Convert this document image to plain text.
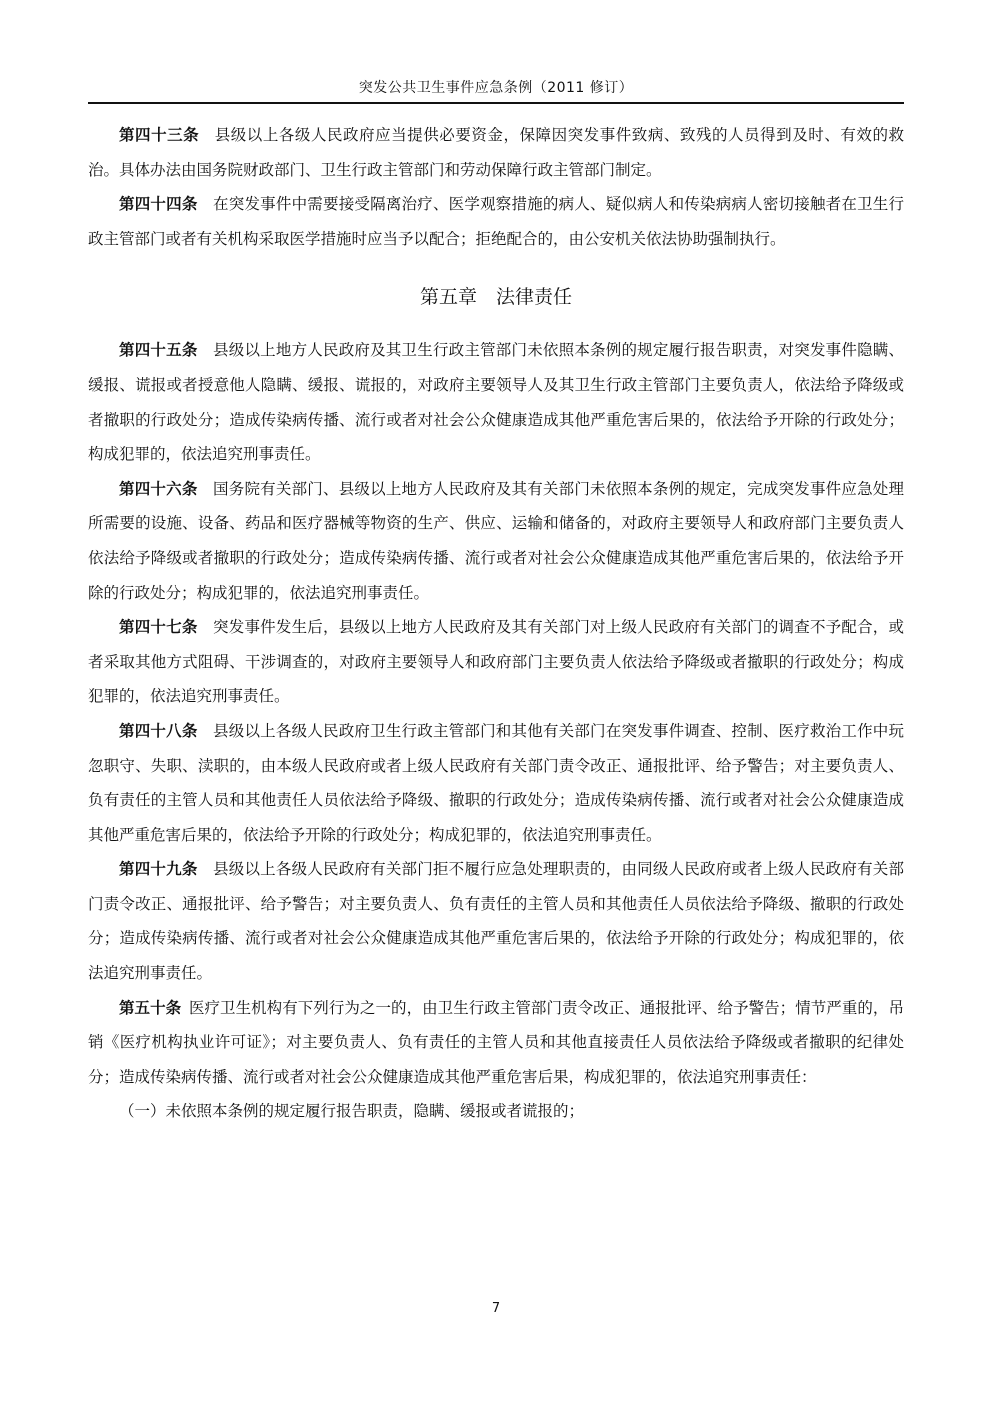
突发公共卫生事件应急条例（2011 修订）

第四十三条 县级以上各级人民政府应当提供必要资金，保障因突发事件致病、致残的人员得到及时、有效的救治。具体办法由国务院财政部门、卫生行政主管部门和劳动保障行政主管部门制定。

第四十四条 在突发事件中需要接受隔离治疗、医学观察措施的病人、疑似病人和传染病病人密切接触者在卫生行政主管部门或者有关机构采取医学措施时应当予以配合；拒绝配合的，由公安机关依法协助强制执行。

第五章 法律责任

第四十五条 县级以上地方人民政府及其卫生行政主管部门未依照本条例的规定履行报告职责，对突发事件隐瞒、缓报、谎报或者授意他人隐瞒、缓报、谎报的，对政府主要领导人及其卫生行政主管部门主要负责人，依法给予降级或者撤职的行政处分；造成传染病传播、流行或者对社会公众健康造成其他严重危害后果的，依法给予开除的行政处分；构成犯罪的，依法追究刑事责任。

第四十六条 国务院有关部门、县级以上地方人民政府及其有关部门未依照本条例的规定，完成突发事件应急处理所需要的设施、设备、药品和医疗器械等物资的生产、供应、运输和储备的，对政府主要领导人和政府部门主要负责人依法给予降级或者撤职的行政处分；造成传染病传播、流行或者对社会公众健康造成其他严重危害后果的，依法给予开除的行政处分；构成犯罪的，依法追究刑事责任。

第四十七条 突发事件发生后，县级以上地方人民政府及其有关部门对上级人民政府有关部门的调查不予配合，或者采取其他方式阻碍、干涉调查的，对政府主要领导人和政府部门主要负责人依法给予降级或者撤职的行政处分；构成犯罪的，依法追究刑事责任。

第四十八条 县级以上各级人民政府卫生行政主管部门和其他有关部门在突发事件调查、控制、医疗救治工作中玩忽职守、失职、渎职的，由本级人民政府或者上级人民政府有关部门责令改正、通报批评、给予警告；对主要负责人、负有责任的主管人员和其他责任人员依法给予降级、撤职的行政处分；造成传染病传播、流行或者对社会公众健康造成其他严重危害后果的，依法给予开除的行政处分；构成犯罪的，依法追究刑事责任。

第四十九条 县级以上各级人民政府有关部门拒不履行应急处理职责的，由同级人民政府或者上级人民政府有关部门责令改正、通报批评、给予警告；对主要负责人、负有责任的主管人员和其他责任人员依法给予降级、撤职的行政处分；造成传染病传播、流行或者对社会公众健康造成其他严重危害后果的，依法给予开除的行政处分；构成犯罪的，依法追究刑事责任。

第五十条 医疗卫生机构有下列行为之一的，由卫生行政主管部门责令改正、通报批评、给予警告；情节严重的，吊销《医疗机构执业许可证》；对主要负责人、负有责任的主管人员和其他直接责任人员依法给予降级或者撤职的纪律处分；造成传染病传播、流行或者对社会公众健康造成其他严重危害后果，构成犯罪的，依法追究刑事责任：

（一）未依照本条例的规定履行报告职责，隐瞒、缓报或者谎报的；

7
